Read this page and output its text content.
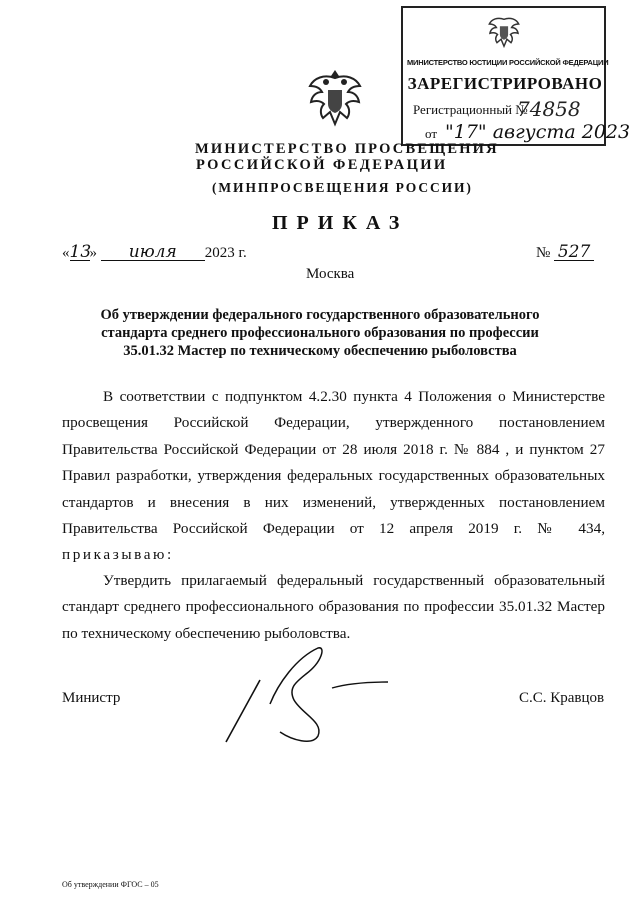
МИНИСТЕРСТВО ЮСТИЦИИ РОССИЙСКОЙ ФЕДЕРАЦИИ
ЗАРЕГИСТРИРОВАНО
Регистрационный №
74858
от "17" августа 2023
МИНИСТЕРСТВО ПРОСВЕЩЕНИЯ
РОССИЙСКОЙ ФЕДЕРАЦИИ
(МИНПРОСВЕЩЕНИЯ РОССИИ)
ПРИКАЗ
«13» июля 2023 г.	№ 527
Москва
Об утверждении федерального государственного образовательного стандарта среднего профессионального образования по профессии 35.01.32 Мастер по техническому обеспечению рыболовства

В соответствии с подпунктом 4.2.30 пункта 4 Положения о Министерстве просвещения Российской Федерации, утвержденного постановлением Правительства Российской Федерации от 28 июля 2018 г. № 884 , и пунктом 27 Правил разработки, утверждения федеральных государственных образовательных стандартов и внесения в них изменений, утвержденных постановлением Правительства Российской Федерации от 12 апреля 2019 г. № 434, приказываю:

Утвердить прилагаемый федеральный государственный образовательный стандарт среднего профессионального образования по профессии 35.01.32 Мастер по техническому обеспечению рыболовства.

Министр	С.С. Кравцов
Об утверждении ФГОС – 05
